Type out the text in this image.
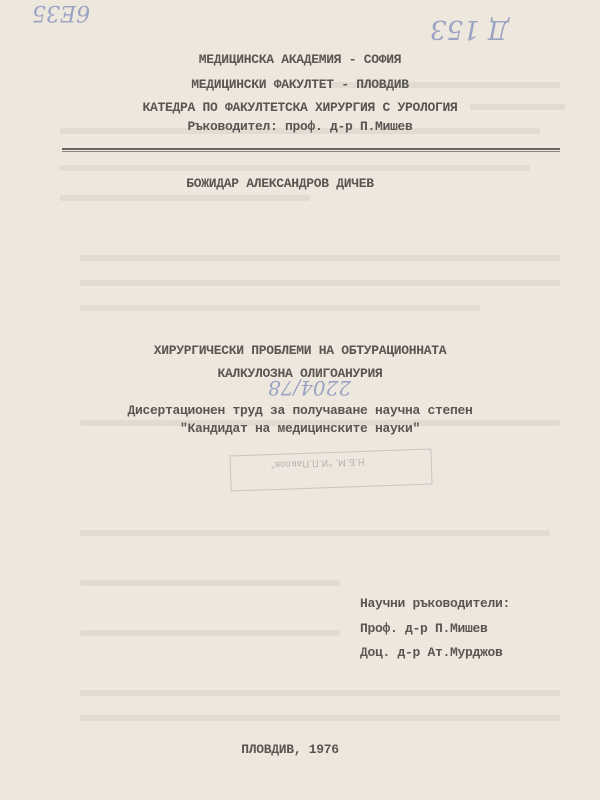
6E35
Д 153
МЕДИЦИНСКА АКАДЕМИЯ - СОФИЯ
МЕДИЦИНСКИ ФАКУЛТЕТ - ПЛОВДИВ
КАТЕДРА ПО ФАКУЛТЕТСКА ХИРУРГИЯ С УРОЛОГИЯ
Ръководител: проф. д-р П.Мишев
БОЖИДАР АЛЕКСАНДРОВ ДИЧЕВ
ХИРУРГИЧЕСКИ ПРОБЛЕМИ НА ОБТУРАЦИОННАТА
КАЛКУЛОЗНА ОЛИГОАНУРИЯ
2204/78
Дисертационен труд за получаване научна степен
"Кандидат на медицинските науки"
Н.Б.М. "И.П.Павлов"
Научни ръководители:
Проф. д-р П.Мишев
Доц. д-р Ат.Мурджов
ПЛОВДИВ, 1976
